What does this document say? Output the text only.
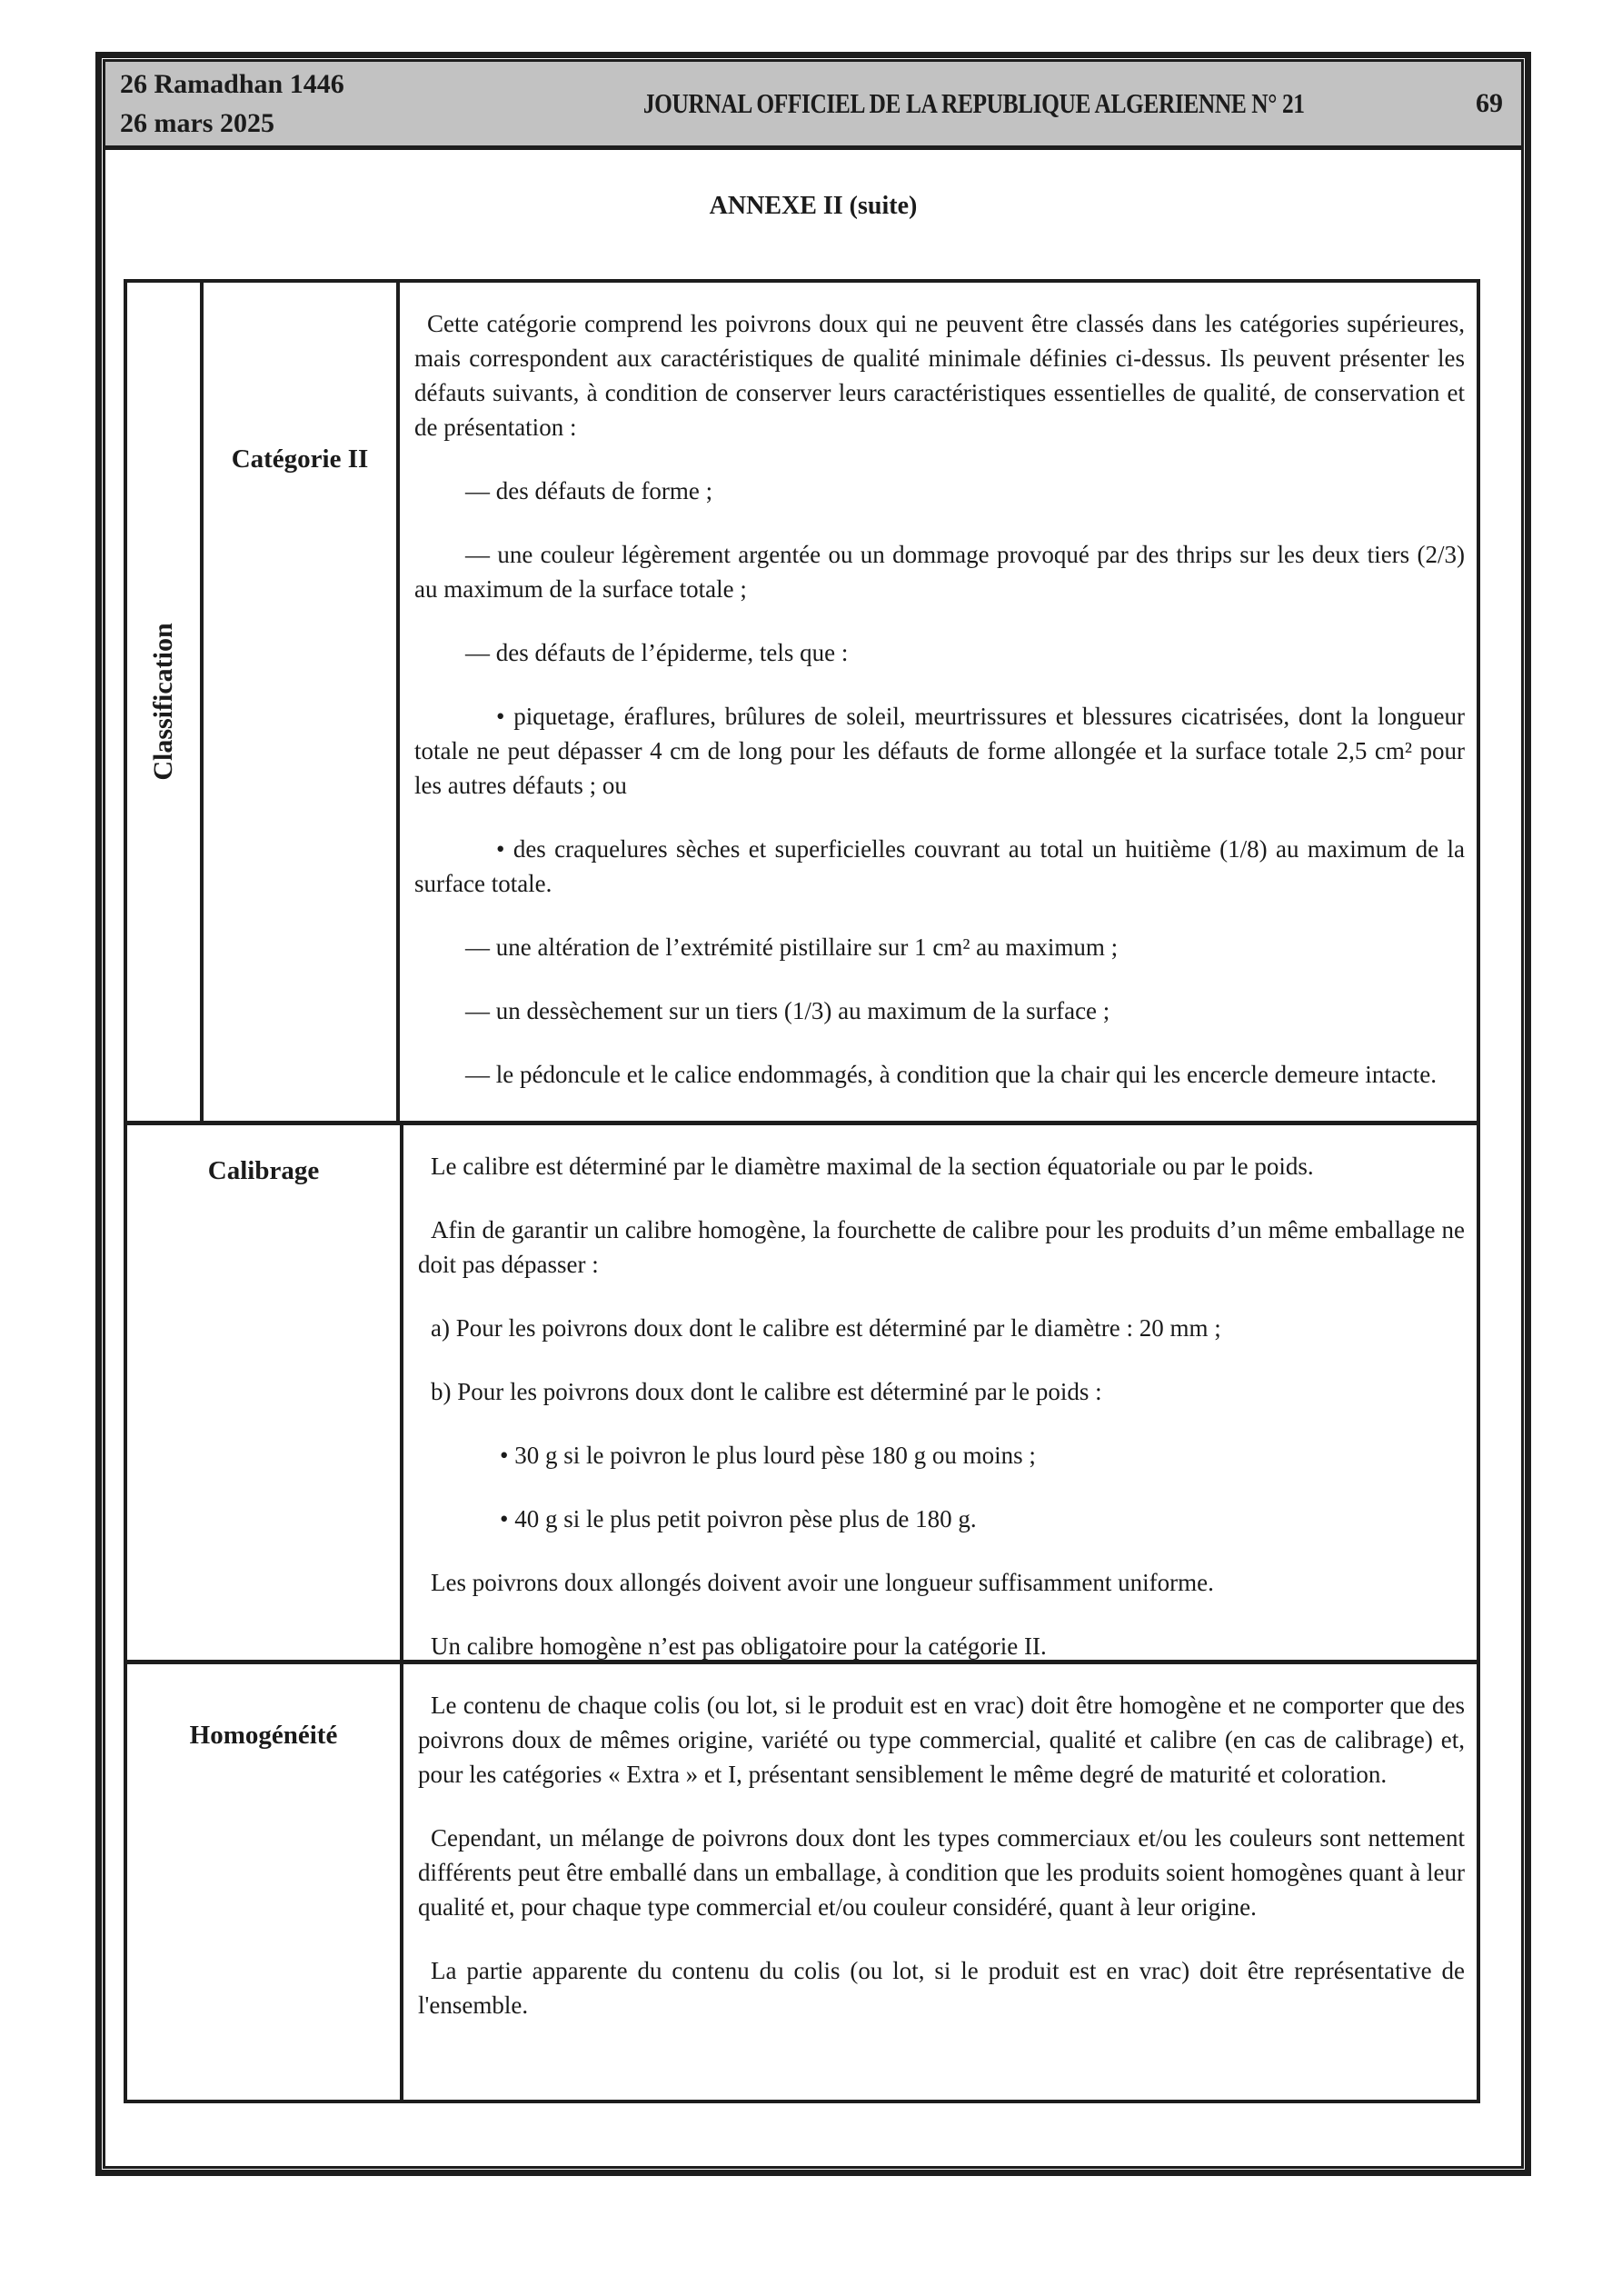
26 Ramadhan 1446
26 mars 2025
JOURNAL OFFICIEL DE LA REPUBLIQUE ALGERIENNE N° 21	69
ANNEXE II (suite)
Classification
Catégorie II

Cette catégorie comprend les poivrons doux qui ne peuvent être classés dans les catégories supérieures, mais correspondent aux caractéristiques de qualité minimale définies ci-dessus. Ils peuvent présenter les défauts suivants, à condition de conserver leurs caractéristiques essentielles de qualité, de conservation et de présentation :

— des défauts de forme ;

— une couleur légèrement argentée ou un dommage provoqué par des thrips sur les deux tiers (2/3) au maximum de la surface totale ;

— des défauts de l’épiderme, tels que :

• piquetage, éraflures, brûlures de soleil, meurtrissures et blessures cicatrisées, dont la longueur totale ne peut dépasser 4 cm de long pour les défauts de forme allongée et la surface totale 2,5 cm² pour les autres défauts ; ou

• des craquelures sèches et superficielles couvrant au total un huitième (1/8) au maximum de la surface totale.

— une altération de l’extrémité pistillaire sur 1 cm² au maximum ;

— un dessèchement sur un tiers (1/3) au maximum de la surface ;

— le pédoncule et le calice endommagés, à condition que la chair qui les encercle demeure intacte.

Calibrage	Le calibre est déterminé par le diamètre maximal de la section équatoriale ou par le poids.

Afin de garantir un calibre homogène, la fourchette de calibre pour les produits d’un même emballage ne doit pas dépasser :

a) Pour les poivrons doux dont le calibre est déterminé par le diamètre : 20 mm ;

b) Pour les poivrons doux dont le calibre est déterminé par le poids :

• 30 g si le poivron le plus lourd pèse 180 g ou moins ;

• 40 g si le plus petit poivron pèse plus de 180 g.

Les poivrons doux allongés doivent avoir une longueur suffisamment uniforme.

Un calibre homogène n’est pas obligatoire pour la catégorie II.

Homogénéité

Le contenu de chaque colis (ou lot, si le produit est en vrac) doit être homogène et ne comporter que des poivrons doux de mêmes origine, variété ou type commercial, qualité et calibre (en cas de calibrage) et, pour les catégories « Extra » et I, présentant sensiblement le même degré de maturité et coloration.

Cependant, un mélange de poivrons doux dont les types commerciaux et/ou les couleurs sont nettement différents peut être emballé dans un emballage, à condition que les produits soient homogènes quant à leur qualité et, pour chaque type commercial et/ou couleur considéré, quant à leur origine.

La partie apparente du contenu du colis (ou lot, si le produit est en vrac) doit être représentative de l'ensemble.
